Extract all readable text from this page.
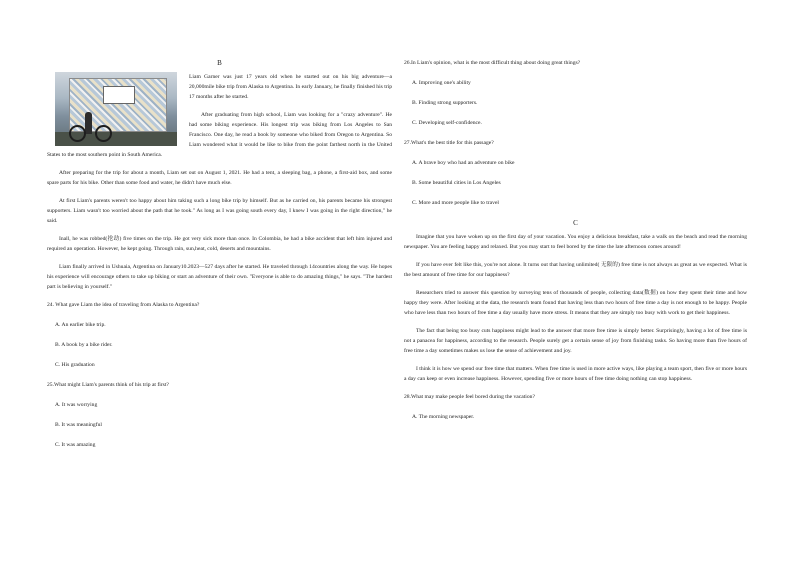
B

Liam Garner was just 17 years old when he started out on his big adventure—a 20,000mile bike trip from Alaska to Argentina. In early January, he finally finished his trip 17 months after he started.

After graduating from high school, Liam was looking for a "crazy adventure". He had some biking experience. His longest trip was biking from Los Angeles to San Francisco. One day, he read a book by someone who biked from Oregon to Argentina. So Liam wondered what it would be like to bike from the point farthest north in the United States to the most southern point in South America.

After preparing for the trip for about a month, Liam set out on August 1, 2021. He had a tent, a sleeping bag, a phone, a first-aid box, and some spare parts for his bike. Other than some food and water, he didn't have much else.

At first Liam's parents weren't too happy about him taking such a long bike trip by himself. But as he carried on, his parents became his strongest supporters. Liam wasn't too worried about the path that he took." As long as I was going south every day, I knew I was going in the right direction," he said.

Inall, he was robbed(抢劫) five times on the trip. He got very sick more than once. In Colombia, he had a bike accident that left him injured and required an operation. However, he kept going. Through rain, sun,heat, cold, deserts and mountains.

Liam finally arrived in Ushuaia, Argentina on January10.2023—527 days after he started. He traveled through 14countries along the way. He hopes his experience will encourage others to take up biking or start an adventure of their own. "Everyone is able to do amazing things," he says. "The hardest part is believing in yourself."

24. What gave Liam the idea of traveling from Alaska to Argentina?
A. An earlier bike trip.
B. A book by a bike rider.
C. His graduation
25.What might Liam's parents think of his trip at first?
A. It was worrying
B. It was meaningful
C. It was amazing
26.In Liam's opinion, what is the most difficult thing about doing great things?
A. Improving one's ability
B. Finding strong supporters.
C. Developing self-confidence.
27.What's the best title for this passage?
A. A brave boy who had an adventure on bike
B. Some beautiful cities in Los Angeles
C. More and more people like to travel
C

Imagine that you have woken up on the first day of your vacation. You enjoy a delicious breakfast, take a walk on the beach and read the morning newspaper. You are feeling happy and relaxed. But you may start to feel bored by the time the late afternoon comes around!

If you have ever felt like this, you're not alone. It turns out that having unlimited( 无限的) free time is not always as great as we expected. What is the best amount of free time for our happiness?

Researchers tried to answer this question by surveying tens of thousands of people, collecting data(数据) on how they spent their time and how happy they were. After looking at the data, the research team found that having less than two hours of free time a day is not enough to be happy. People who have less than two hours of free time a day usually have more stress. It means that they are simply too busy with work to get their happiness.

The fact that being too busy cuts happiness might lead to the answer that more free time is simply better. Surprisingly, having a lot of free time is not a panacea for happiness, according to the research. People surely get a certain sense of joy from finishing tasks. So having more than five hours of free time a day sometimes makes us lose the sense of achievement and joy.

I think it is how we spend our free time that matters. When free time is used in more active ways, like playing a team sport, then five or more hours a day can keep or even increase happiness. However, spending five or more hours of free time doing nothing can stop happiness.

28.What may make people feel bored during the vacation?
A. The morning newspaper.
